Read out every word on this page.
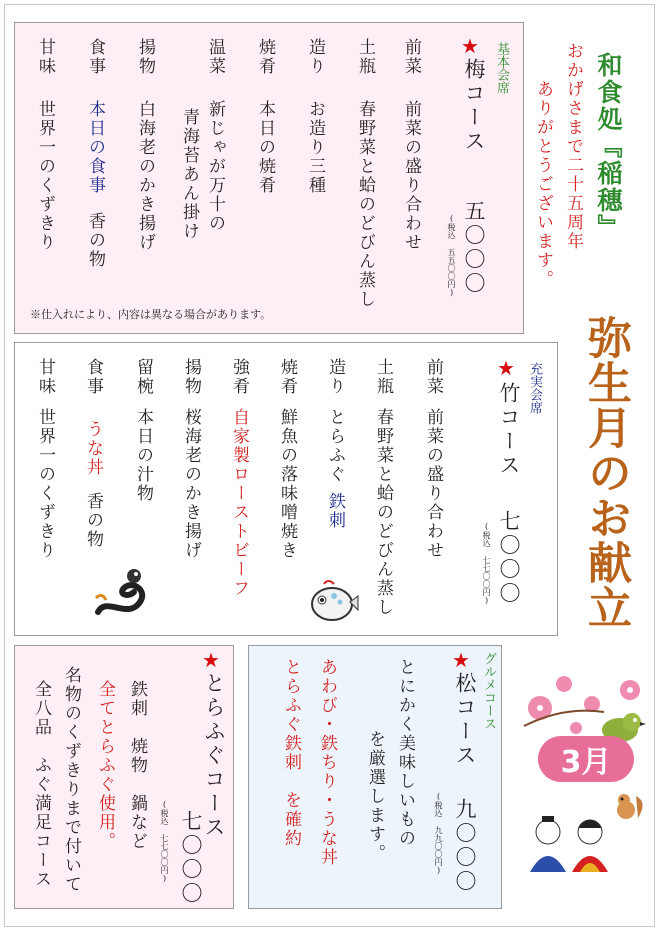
基本会席
★
梅コース
五〇〇〇
(税込 五五〇〇円)
前菜
前菜の盛り合わせ
土瓶
春野菜と蛤のどびん蒸し
造り
お造り三種
焼肴
本日の焼肴
温菜
新じゃが万十の
青海苔あん掛け
揚物
白海老のかき揚げ
食事
本日の食事
香の物
甘味
世界一のくずきり
※仕入れにより、内容は異なる場合があります。
和食処『稲穗』
おかげさまで二十五周年
ありがとうございます。
弥生月のお献立
充実会席
★
竹コース
七〇〇〇
(税込 七七〇〇円)
前菜
前菜の盛り合わせ
土瓶
春野菜と蛤のどびん蒸し
造り
とらふぐ
鉄刺
焼肴
鮮魚の落味噌焼き
強肴
自家製ローストビーフ
揚物
桜海老のかき揚げ
留椀
本日の汁物
食事
うな丼
香の物
甘味
世界一のくずきり
★
とらふぐコース
七〇〇〇
(税込 七七〇〇円)
鉄刺　焼物　鍋など
全てとらふぐ使用。
名物のくずきりまで付いて
全八品　ふぐ満足コース	グルメコース
★
松コース
九〇〇〇
(税込 九九〇〇円)
とにかく美味しいもの
を厳選します。
あわび・鉄ちり・うな丼
とらふぐ鉄刺　を確約	3月
